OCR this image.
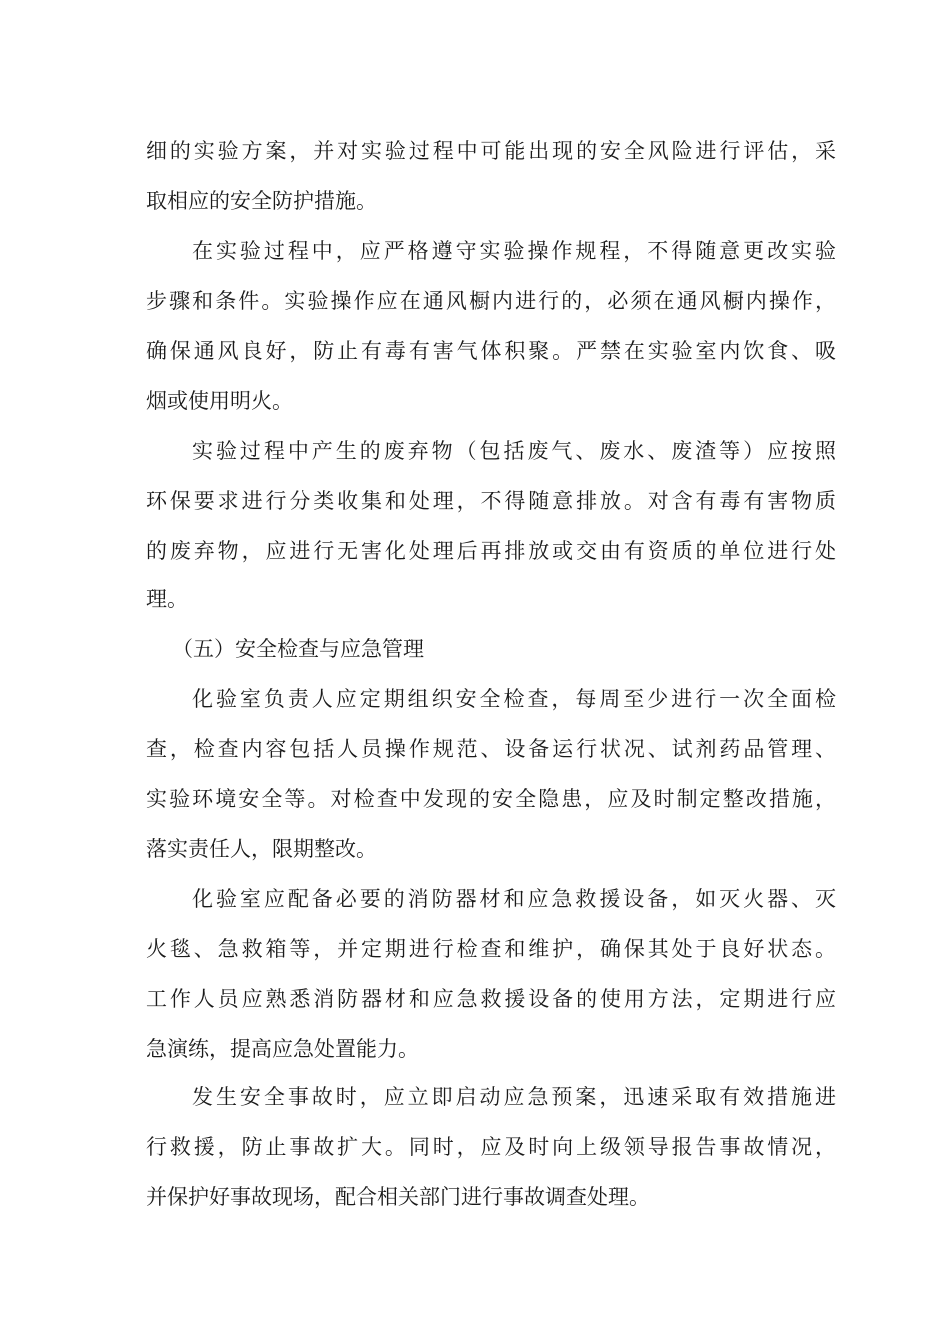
细的实验方案，并对实验过程中可能出现的安全风险进行评估，采
取相应的安全防护措施。
在实验过程中，应严格遵守实验操作规程，不得随意更改实验
步骤和条件。实验操作应在通风橱内进行的，必须在通风橱内操作，
确保通风良好，防止有毒有害气体积聚。严禁在实验室内饮食、吸
烟或使用明火。
实验过程中产生的废弃物（包括废气、废水、废渣等）应按照
环保要求进行分类收集和处理，不得随意排放。对含有毒有害物质
的废弃物，应进行无害化处理后再排放或交由有资质的单位进行处
理。
（五）安全检查与应急管理
化验室负责人应定期组织安全检查，每周至少进行一次全面检
查，检查内容包括人员操作规范、设备运行状况、试剂药品管理、
实验环境安全等。对检查中发现的安全隐患，应及时制定整改措施，
落实责任人，限期整改。
化验室应配备必要的消防器材和应急救援设备，如灭火器、灭
火毯、急救箱等，并定期进行检查和维护，确保其处于良好状态。
工作人员应熟悉消防器材和应急救援设备的使用方法，定期进行应
急演练，提高应急处置能力。
发生安全事故时，应立即启动应急预案，迅速采取有效措施进
行救援，防止事故扩大。同时，应及时向上级领导报告事故情况，
并保护好事故现场，配合相关部门进行事故调查处理。
